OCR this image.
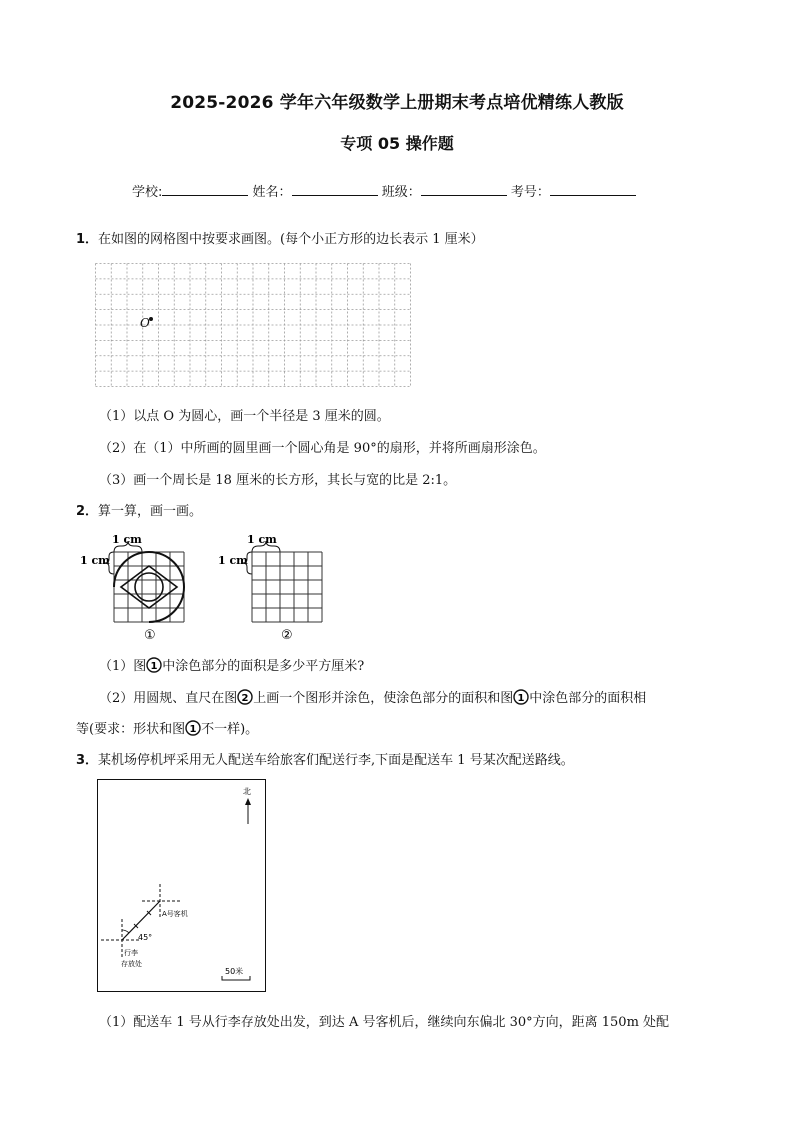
2025-2026 学年六年级数学上册期末考点培优精练人教版
专项 05 操作题
学校:	姓名：	班级：	考号：
1．在如图的网格图中按要求画图。(每个小正方形的边长表示 1 厘米）
O
（1）以点 O 为圆心，画一个半径是 3 厘米的圆。
（2）在（1）中所画的圆里画一个圆心角是 90°的扇形，并将所画扇形涂色。
（3）画一个周长是 18 厘米的长方形，其长与宽的比是 2:1。
2．算一算，画一画。
1 cm
1 cm
①
1 cm
1 cm
②
（1）图 1 中涂色部分的面积是多少平方厘米?
（2）用圆规、直尺在图 2 上画一个图形并涂色，使涂色部分的面积和图 1 中涂色部分的面积相
等(要求：形状和图 1 不一样)。
3．某机场停机坪采用无人配送车给旅客们配送行李,下面是配送车 1 号某次配送路线。
北
A号客机
45°
行李
存放处
50米
（1）配送车 1 号从行李存放处出发，到达 A 号客机后，继续向东偏北 30°方向，距离 150m 处配
